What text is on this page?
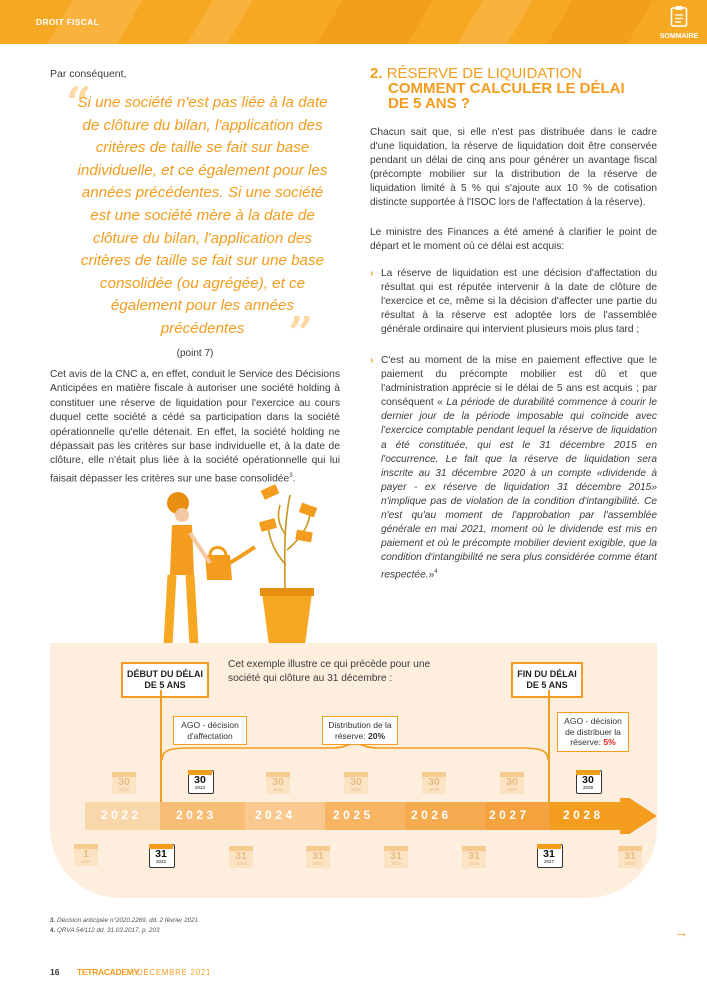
DROIT FISCAL
SOMMAIRE
Par conséquent,
“
Si une société n'est pas liée à la date de clôture du bilan, l'application des critères de taille se fait sur base individuelle, et ce également pour les années précédentes. Si une société est une société mère à la date de clôture du bilan, l'application des critères de taille se fait sur une base consolidée (ou agrégée), et ce également pour les années précédentes ”
(point 7)
Cet avis de la CNC a, en effet, conduit le Service des Décisions Anticipées en matière fiscale à autoriser une société holding à constituer une réserve de liquidation pour l'exercice au cours duquel cette société a cédé sa participation dans la société opérationnelle qu'elle détenait. En effet, la société holding ne dépassait pas les critères sur base individuelle et, à la date de clôture, elle n'était plus liée à la société opérationnelle qui lui faisait dépasser les critères sur une base consolidée$^3$.
2. RÉSERVE DE LIQUIDATION
COMMENT CALCULER LE DÉLAI
DE 5 ANS ?

Chacun sait que, si elle n'est pas distribuée dans le cadre d'une liquidation, la réserve de liquidation doit être conservée pendant un délai de cinq ans pour générer un avantage fiscal (précompte mobilier sur la distribution de la réserve de liquidation limité à 5 % qui s'ajoute aux 10 % de cotisation distincte supportée à l'ISOC lors de l'affectation à la réserve).

Le ministre des Finances a été amené à clarifier le point de départ et le moment où ce délai est acquis:

› La réserve de liquidation est une décision d'affectation du résultat qui est réputée intervenir à la date de clôture de l'exercice et ce, même si la décision d'affecter une partie du résultat à la réserve est adoptée lors de l'assemblée générale ordinaire qui intervient plusieurs mois plus tard ;
› C'est au moment de la mise en paiement effective que le paiement du précompte mobilier est dû et que l'administration apprécie si le délai de 5 ans est acquis ; par conséquent « La période de durabilité commence à courir le dernier jour de la période imposable qui coïncide avec l'exercice comptable pendant lequel la réserve de liquidation a été constituée, qui est le 31 décembre 2015 en l'occurrence. Le fait que la réserve de liquidation sera inscrite au 31 décembre 2020 à un compte «dividende à payer - ex réserve de liquidation 31 décembre 2015» n'implique pas de violation de la condition d'intangibilité. Ce n'est qu'au moment de l'approbation par l'assemblée générale en mai 2021, moment où le dividende est mis en paiement et où le précompte mobilier devient exigible, que la condition d'intangibilité ne sera plus considérée comme étant respectée.»$^4$
DÉBUT DU DÉLAI DE 5 ANS
FIN DU DÉLAI DE 5 ANS
Cet exemple illustre ce qui précède pour une société qui clôture au 31 décembre :
AGO - décision d'affectation
Distribution de la réserve: 20%
AGO - décision de distribuer la réserve: 5%
2022	2023	2024	2025	2026	2027	2028
30
2022
30
2023	30
2024
30
2025
30
2026
30
2027
30
2028
1
2022
31
2022	31
2023
31
2024
31
2025
31
2026
31
2027	31
2028
3. Décision anticipée n°2020.2269, dd. 2 février 2021
4. QRVA 54/112 dd. 31.03.2017, p. 203	→
16 TETRACADEMY
DÉCEMBRE 2021
